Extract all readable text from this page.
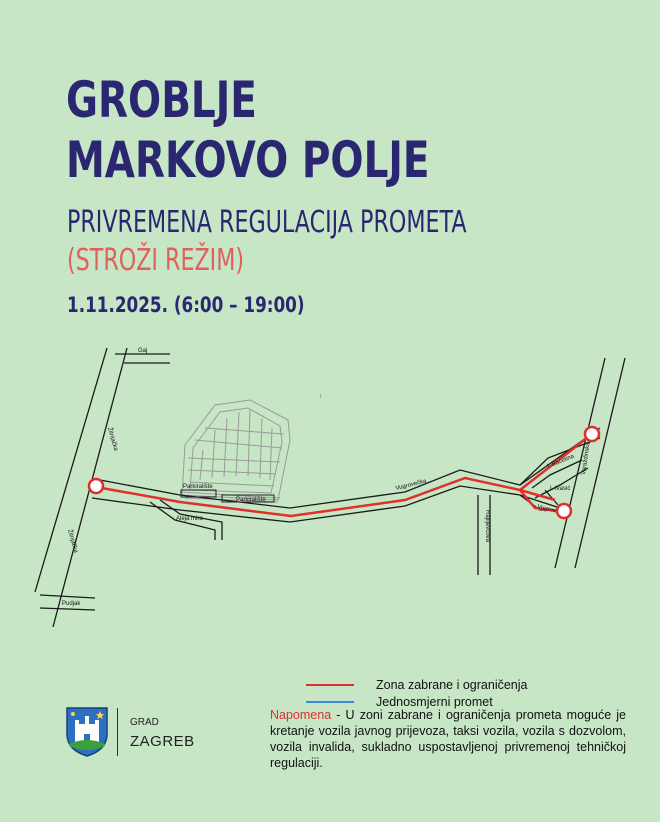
GROBLJE
MARKOVO POLJE
PRIVREMENA REGULACIJA PROMETA
(STROŽI REŽIM)
1.11.2025. (6:00 – 19:00)
↑
Gaj
Žitnjačka
Žitnjačka
Pudjak
Aleja mira
Vugrovečka
Rajlijevčova
Vugrov.
I. Baćetina Varaždinska
I. Ivasić
Parkiralište
Parkiralište
Zona zabrane i ograničenja
Jednosmjerni promet
Napomena - U zoni zabrane i ograničenja prometa moguće je kretanje vozila javnog prijevoza, taksi vozila, vozila s dozvolom, vozila invalida, sukladno uspostavljenoj privremenoj tehničkoj regulaciji.
GRAD
ZAGREB
